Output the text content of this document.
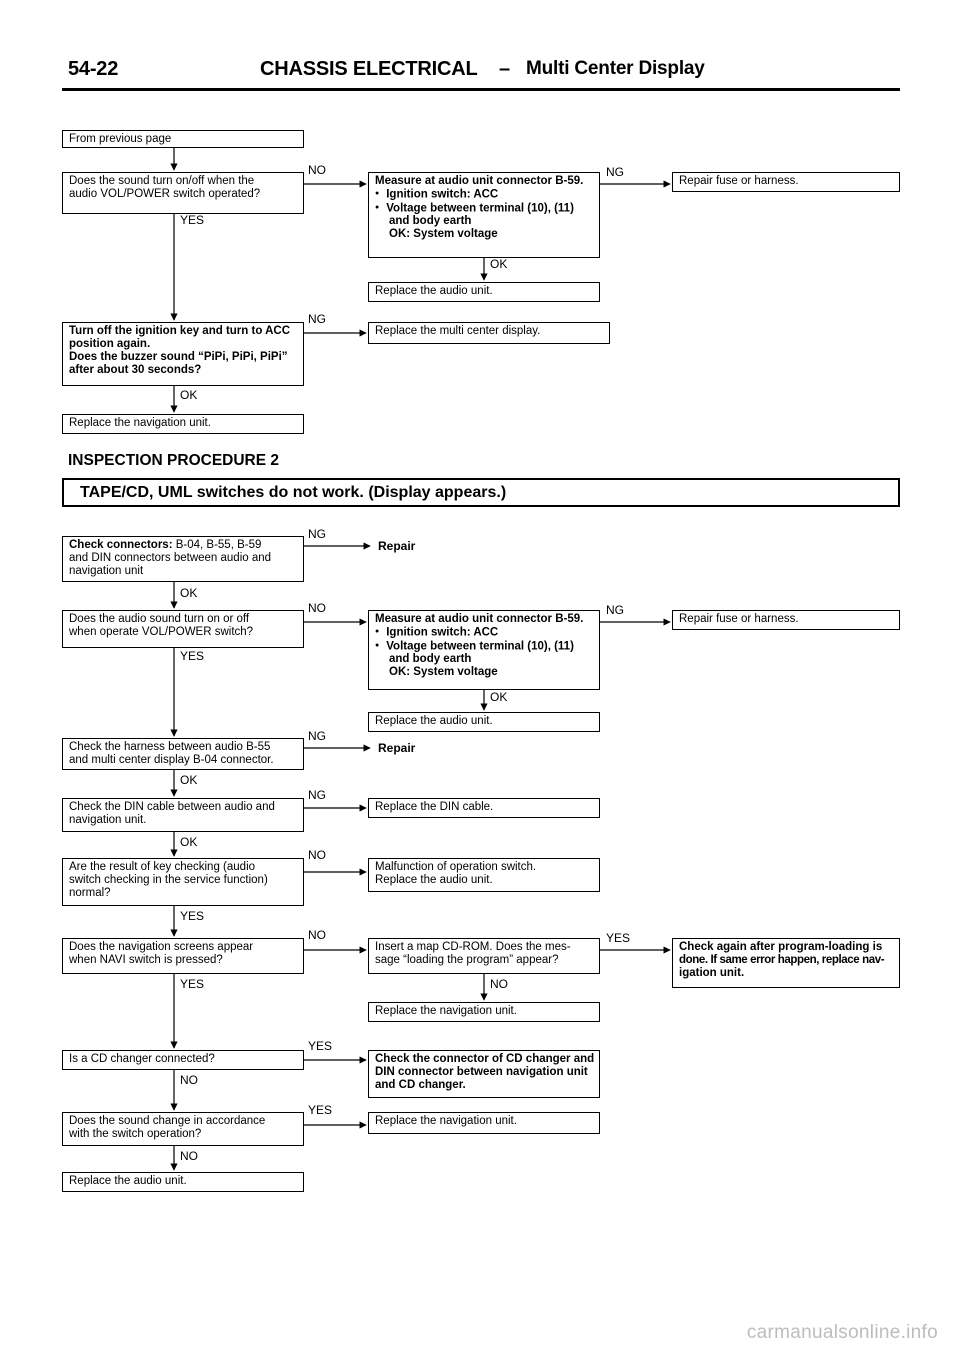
54-22	CHASSIS ELECTRICAL – Multi Center Display
From previous page
Does the sound turn on/off when the
audio VOL/POWER switch operated?
NO
YES
Measure at audio unit connector B-59.
● Ignition switch: ACC
● Voltage between terminal (10), (11)
and body earth
OK: System voltage
NG
Repair fuse or harness.
OK
Replace the audio unit.
Turn off the ignition key and turn to ACC
position again.
Does the buzzer sound “PiPi, PiPi, PiPi”
after about 30 seconds?
NG
Replace the multi center display.
OK
Replace the navigation unit.
INSPECTION PROCEDURE 2
TAPE/CD, UML switches do not work. (Display appears.)
Check connectors: B-04, B-55, B-59
and DIN connectors between audio and
navigation unit
NG
Repair
OK
Does the audio sound turn on or off
when operate VOL/POWER switch?
NO
YES
Measure at audio unit connector B-59.
● Ignition switch: ACC
● Voltage between terminal (10), (11)
and body earth
OK: System voltage
NG
Repair fuse or harness.
OK
Replace the audio unit.
Check the harness between audio B-55
and multi center display B-04 connector.
NG
Repair
OK
Check the DIN cable between audio and
navigation unit.
NG
Replace the DIN cable.
OK
Are the result of key checking (audio
switch checking in the service function)
normal?
NO
Malfunction of operation switch.
Replace the audio unit.
YES
Does the navigation screens appear
when NAVI switch is pressed?
NO
YES
Insert a map CD-ROM. Does the mes-
sage “loading the program” appear?
YES
Check again after program-loading is
done. If same error happen, replace nav-
igation unit.
NO
Replace the navigation unit.
Is a CD changer connected?
YES
NO
Check the connector of CD changer and
DIN connector between navigation unit
and CD changer.
Does the sound change in accordance
with the switch operation?
YES
Replace the navigation unit.
NO
Replace the audio unit.
carmanualsonline.info
